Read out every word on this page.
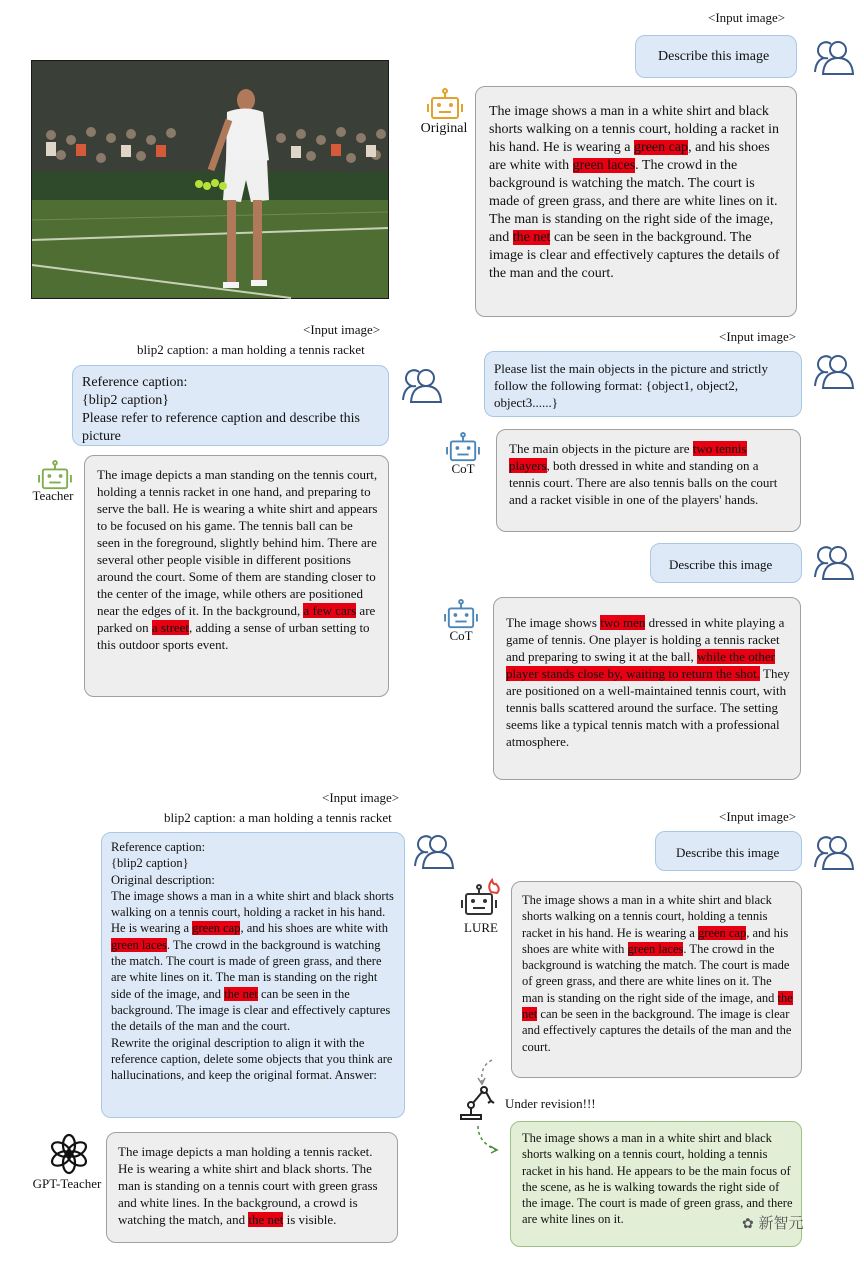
<Input image>
Describe this image
Original
The image shows a man in a white shirt and black shorts walking on a tennis court, holding a racket in his hand. He is wearing a green cap, and his shoes are white with green laces. The crowd in the background is watching the match. The court is made of green grass, and there are white lines on it. The man is standing on the right side of the image, and the net can be seen in the background. The image is clear and effectively captures the details of the man and the court.
<Input image>
blip2 caption: a man holding a tennis racket
Reference caption:
{blip2 caption}
Please refer to reference caption and describe this picture
Teacher
The image depicts a man standing on the tennis court, holding a tennis racket in one hand, and preparing to serve the ball. He is wearing a white shirt and appears to be focused on his game. The tennis ball can be seen in the foreground, slightly behind him. There are several other people visible in different positions around the court. Some of them are standing closer to the center of the image, while others are positioned near the edges of it. In the background, a few cars are parked on a street, adding a sense of urban setting to this outdoor sports event.
<Input image>
Please list the main objects in the picture and strictly follow the following format: {object1, object2, object3......}
CoT
The main objects in the picture are two tennis players, both dressed in white and standing on a tennis court. There are also tennis balls on the court and a racket visible in one of the players' hands.
Describe this image
CoT
The image shows two men dressed in white playing a game of tennis. One player is holding a tennis racket and preparing to swing it at the ball, while the other player stands close by, waiting to return the shot. They are positioned on a well-maintained tennis court, with tennis balls scattered around the surface. The setting seems like a typical tennis match with a professional atmosphere.
<Input image>
blip2 caption: a man holding a tennis racket
Reference caption:
{blip2 caption}
Original description:
The image shows a man in a white shirt and black shorts walking on a tennis court, holding a racket in his hand. He is wearing a green cap, and his shoes are white with green laces. The crowd in the background is watching the match. The court is made of green grass, and there are white lines on it. The man is standing on the right side of the image, and the net can be seen in the background. The image is clear and effectively captures the details of the man and the court.
Rewrite the original description to align it with the reference caption, delete some objects that you think are hallucinations, and keep the original format. Answer:
GPT-Teacher
The image depicts a man holding a tennis racket. He is wearing a white shirt and black shorts. The man is standing on a tennis court with green grass and white lines. In the background, a crowd is watching the match, and the net is visible.
<Input image>
Describe this image
LURE
The image shows a man in a white shirt and black shorts walking on a tennis court, holding a tennis racket in his hand. He is wearing a green cap, and his shoes are white with green laces. The crowd in the background is watching the match. The court is made of green grass, and there are white lines on it. The man is standing on the right side of the image, and the net can be seen in the background. The image is clear and effectively captures the details of the man and the court.
Under revision!!!
The image shows a man in a white shirt and black shorts walking on a tennis court, holding a tennis racket in his hand. He appears to be the main focus of the scene, as he is walking towards the right side of the image. The court is made of green grass, and there are white lines on it.	✿ 新智元
